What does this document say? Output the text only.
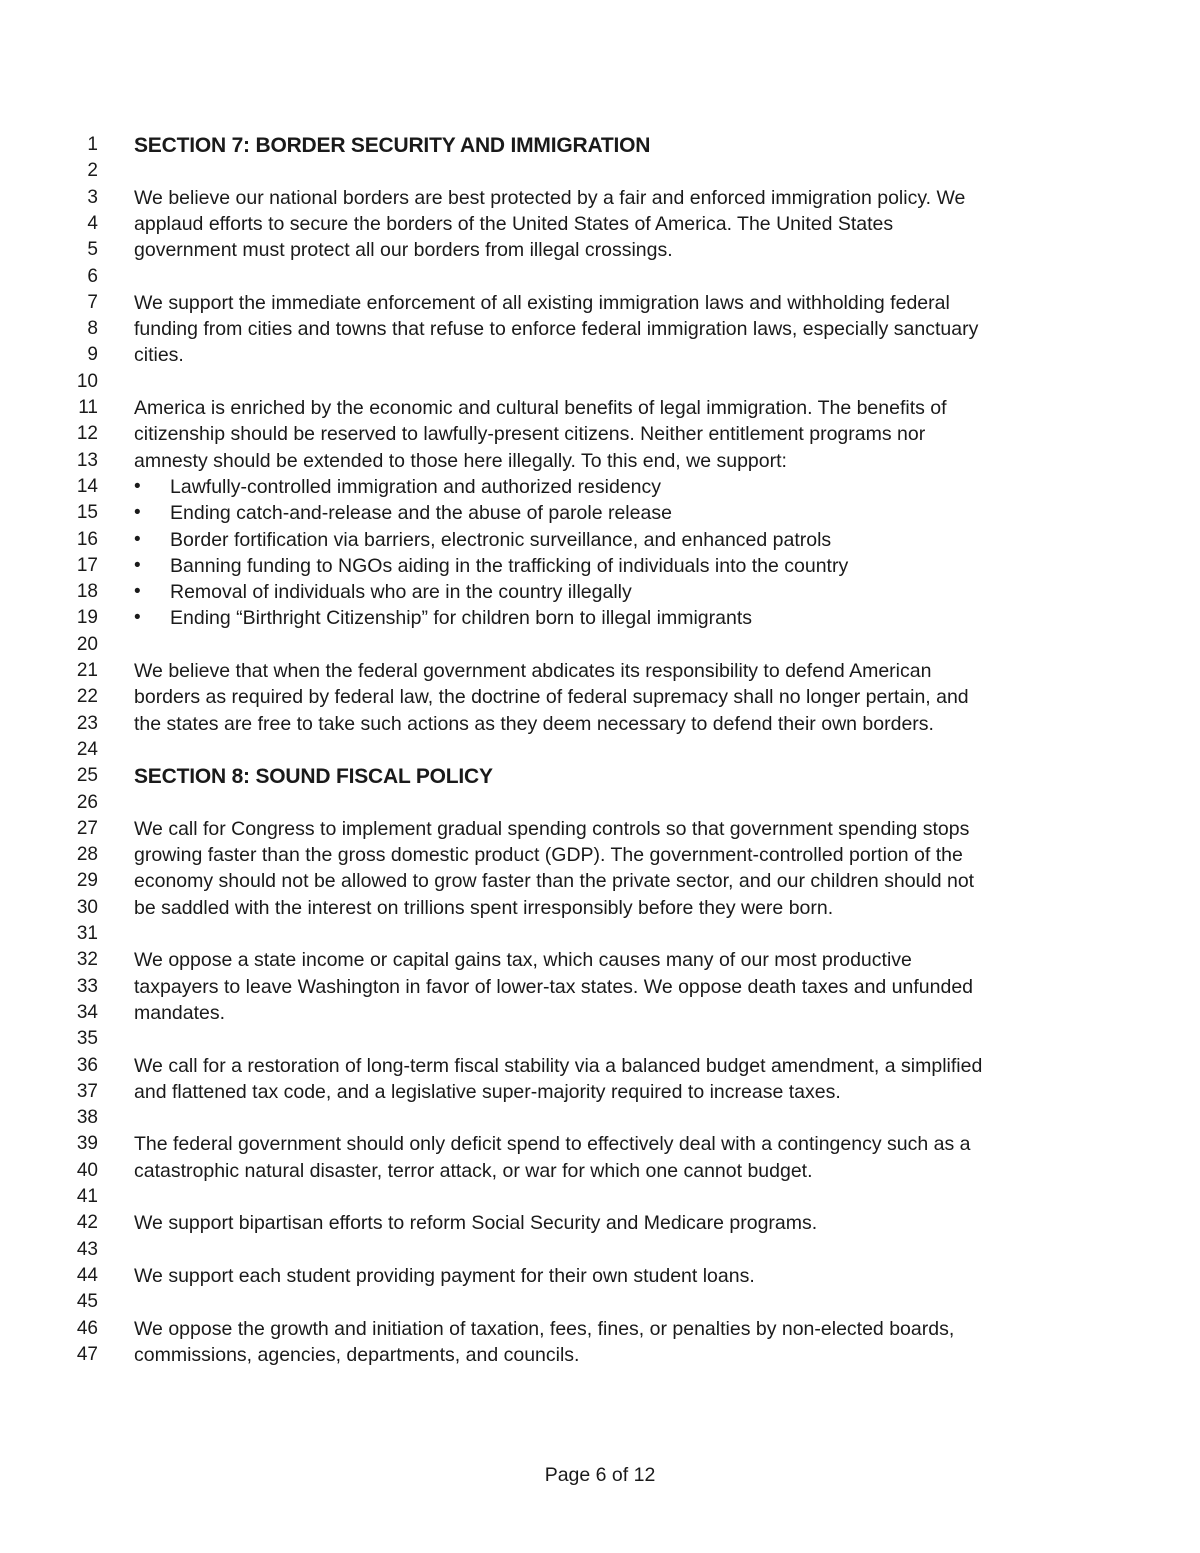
1 SECTION 7: BORDER SECURITY AND IMMIGRATION
2
3 We believe our national borders are best protected by a fair and enforced immigration policy. We
4 applaud efforts to secure the borders of the United States of America. The United States
5 government must protect all our borders from illegal crossings.
6
7 We support the immediate enforcement of all existing immigration laws and withholding federal
8 funding from cities and towns that refuse to enforce federal immigration laws, especially sanctuary
9 cities.
10
11 America is enriched by the economic and cultural benefits of legal immigration. The benefits of
12 citizenship should be reserved to lawfully-present citizens. Neither entitlement programs nor
13 amnesty should be extended to those here illegally. To this end, we support:
14 • Lawfully-controlled immigration and authorized residency
15 • Ending catch-and-release and the abuse of parole release
16 • Border fortification via barriers, electronic surveillance, and enhanced patrols
17 • Banning funding to NGOs aiding in the trafficking of individuals into the country
18 • Removal of individuals who are in the country illegally
19 • Ending “Birthright Citizenship” for children born to illegal immigrants
20
21 We believe that when the federal government abdicates its responsibility to defend American
22 borders as required by federal law, the doctrine of federal supremacy shall no longer pertain, and
23 the states are free to take such actions as they deem necessary to defend their own borders.
24
25 SECTION 8: SOUND FISCAL POLICY
26
27 We call for Congress to implement gradual spending controls so that government spending stops
28 growing faster than the gross domestic product (GDP). The government-controlled portion of the
29 economy should not be allowed to grow faster than the private sector, and our children should not
30 be saddled with the interest on trillions spent irresponsibly before they were born.
31
32 We oppose a state income or capital gains tax, which causes many of our most productive
33 taxpayers to leave Washington in favor of lower-tax states. We oppose death taxes and unfunded
34 mandates.
35
36 We call for a restoration of long-term fiscal stability via a balanced budget amendment, a simplified
37 and flattened tax code, and a legislative super-majority required to increase taxes.
38
39 The federal government should only deficit spend to effectively deal with a contingency such as a
40 catastrophic natural disaster, terror attack, or war for which one cannot budget.
41
42 We support bipartisan efforts to reform Social Security and Medicare programs.
43
44 We support each student providing payment for their own student loans.
45
46 We oppose the growth and initiation of taxation, fees, fines, or penalties by non-elected boards,
47 commissions, agencies, departments, and councils.
Page 6 of 12
